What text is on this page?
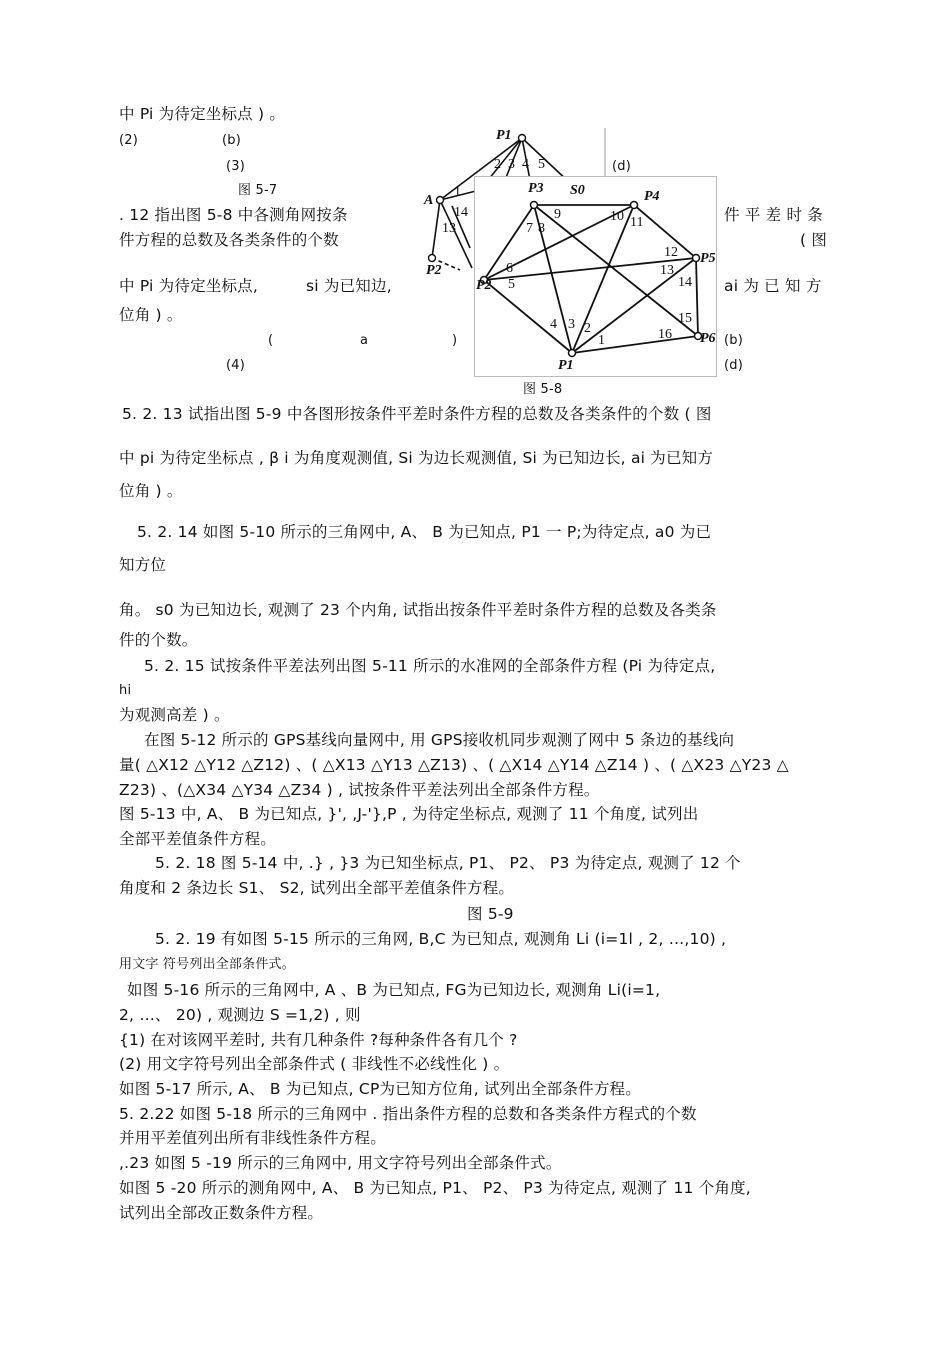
中 Pi 为待定坐标点 ) 。
(2)	(b)
(3)	(d)
图 5-7
. 12 指出图 5-8 中各测角网按条	件 平 差 时 条
件方程的总数及各类条件的个数	( 图
中 Pi 为待定坐标点,	si 为已知边,	ai 为 已 知 方
位角 ) 。
(	a	)	(b)
(4)	(d)
图 5-8
5. 2. 13 试指出图 5-9 中各图形按条件平差时条件方程的总数及各类条件的个数 ( 图
中 pi 为待定坐标点 , β i 为角度观测值, Si 为边长观测值, Si 为已知边长, ai 为已知方
位角 ) 。
5. 2. 14 如图 5-10 所示的三角网中, A、 B 为已知点, P1 一 P;为待定点, a0 为已
知方位
角。 s0 为已知边长, 观测了 23 个内角, 试指出按条件平差时条件方程的总数及各类条
件的个数。
5. 2. 15 试按条件平差法列出图 5-11 所示的水准网的全部条件方程 (Pi 为待定点,
hi
为观测高差 ) 。
在图 5-12 所示的 GPS基线向量网中, 用 GPS接收机同步观测了网中 5 条边的基线向
量( △X12 △Y12 △Z12) 、( △X13 △Y13 △Z13) 、( △X14 △Y14 △Z14 ) 、( △X23 △Y23 △
Z23) 、(△X34 △Y34 △Z34 ) , 试按条件平差法列出全部条件方程。
图 5-13 中, A、 B 为已知点, }', ,J-'},P , 为待定坐标点, 观测了 11 个角度, 试列出
全部平差值条件方程。
5. 2. 18 图 5-14 中, .} , }3 为已知坐标点, P1、 P2、 P3 为待定点, 观测了 12 个
角度和 2 条边长 S1、 S2, 试列出全部平差值条件方程。
图 5-9
5. 2. 19 有如图 5-15 所示的三角网, B,C 为已知点, 观测角 Li (i=1l , 2, …,10) ,
用文字 符号列出全部条件式。
如图 5-16 所示的三角网中, A 、B 为已知点, FG为已知边长, 观测角 Li(i=1,
2, …、 20) , 观测边 S =1,2) , 则
{1) 在对该网平差时, 共有几种条件 ?每种条件各有几个 ?
(2) 用文字符号列出全部条件式 ( 非线性不必线性化 ) 。
如图 5-17 所示, A、 B 为已知点, CP为已知方位角, 试列出全部条件方程。
5. 2.22 如图 5-18 所示的三角网中 . 指出条件方程的总数和各类条件方程式的个数
并用平差值列出所有非线性条件方程。
,.23 如图 5 -19 所示的三角网中, 用文字符号列出全部条件式。
如图 5 -20 所示的测角网中, A、 B 为已知点, P1、 P2、 P3 为待定点, 观测了 11 个角度,
试列出全部改正数条件方程。
P1
A
P2
2 3 4 5
1
14
13
P3
P4
P2
P5
P6
P1
S0
7 8
9	10 11
12
13
14
15
16
1
2
3
4
6
5
